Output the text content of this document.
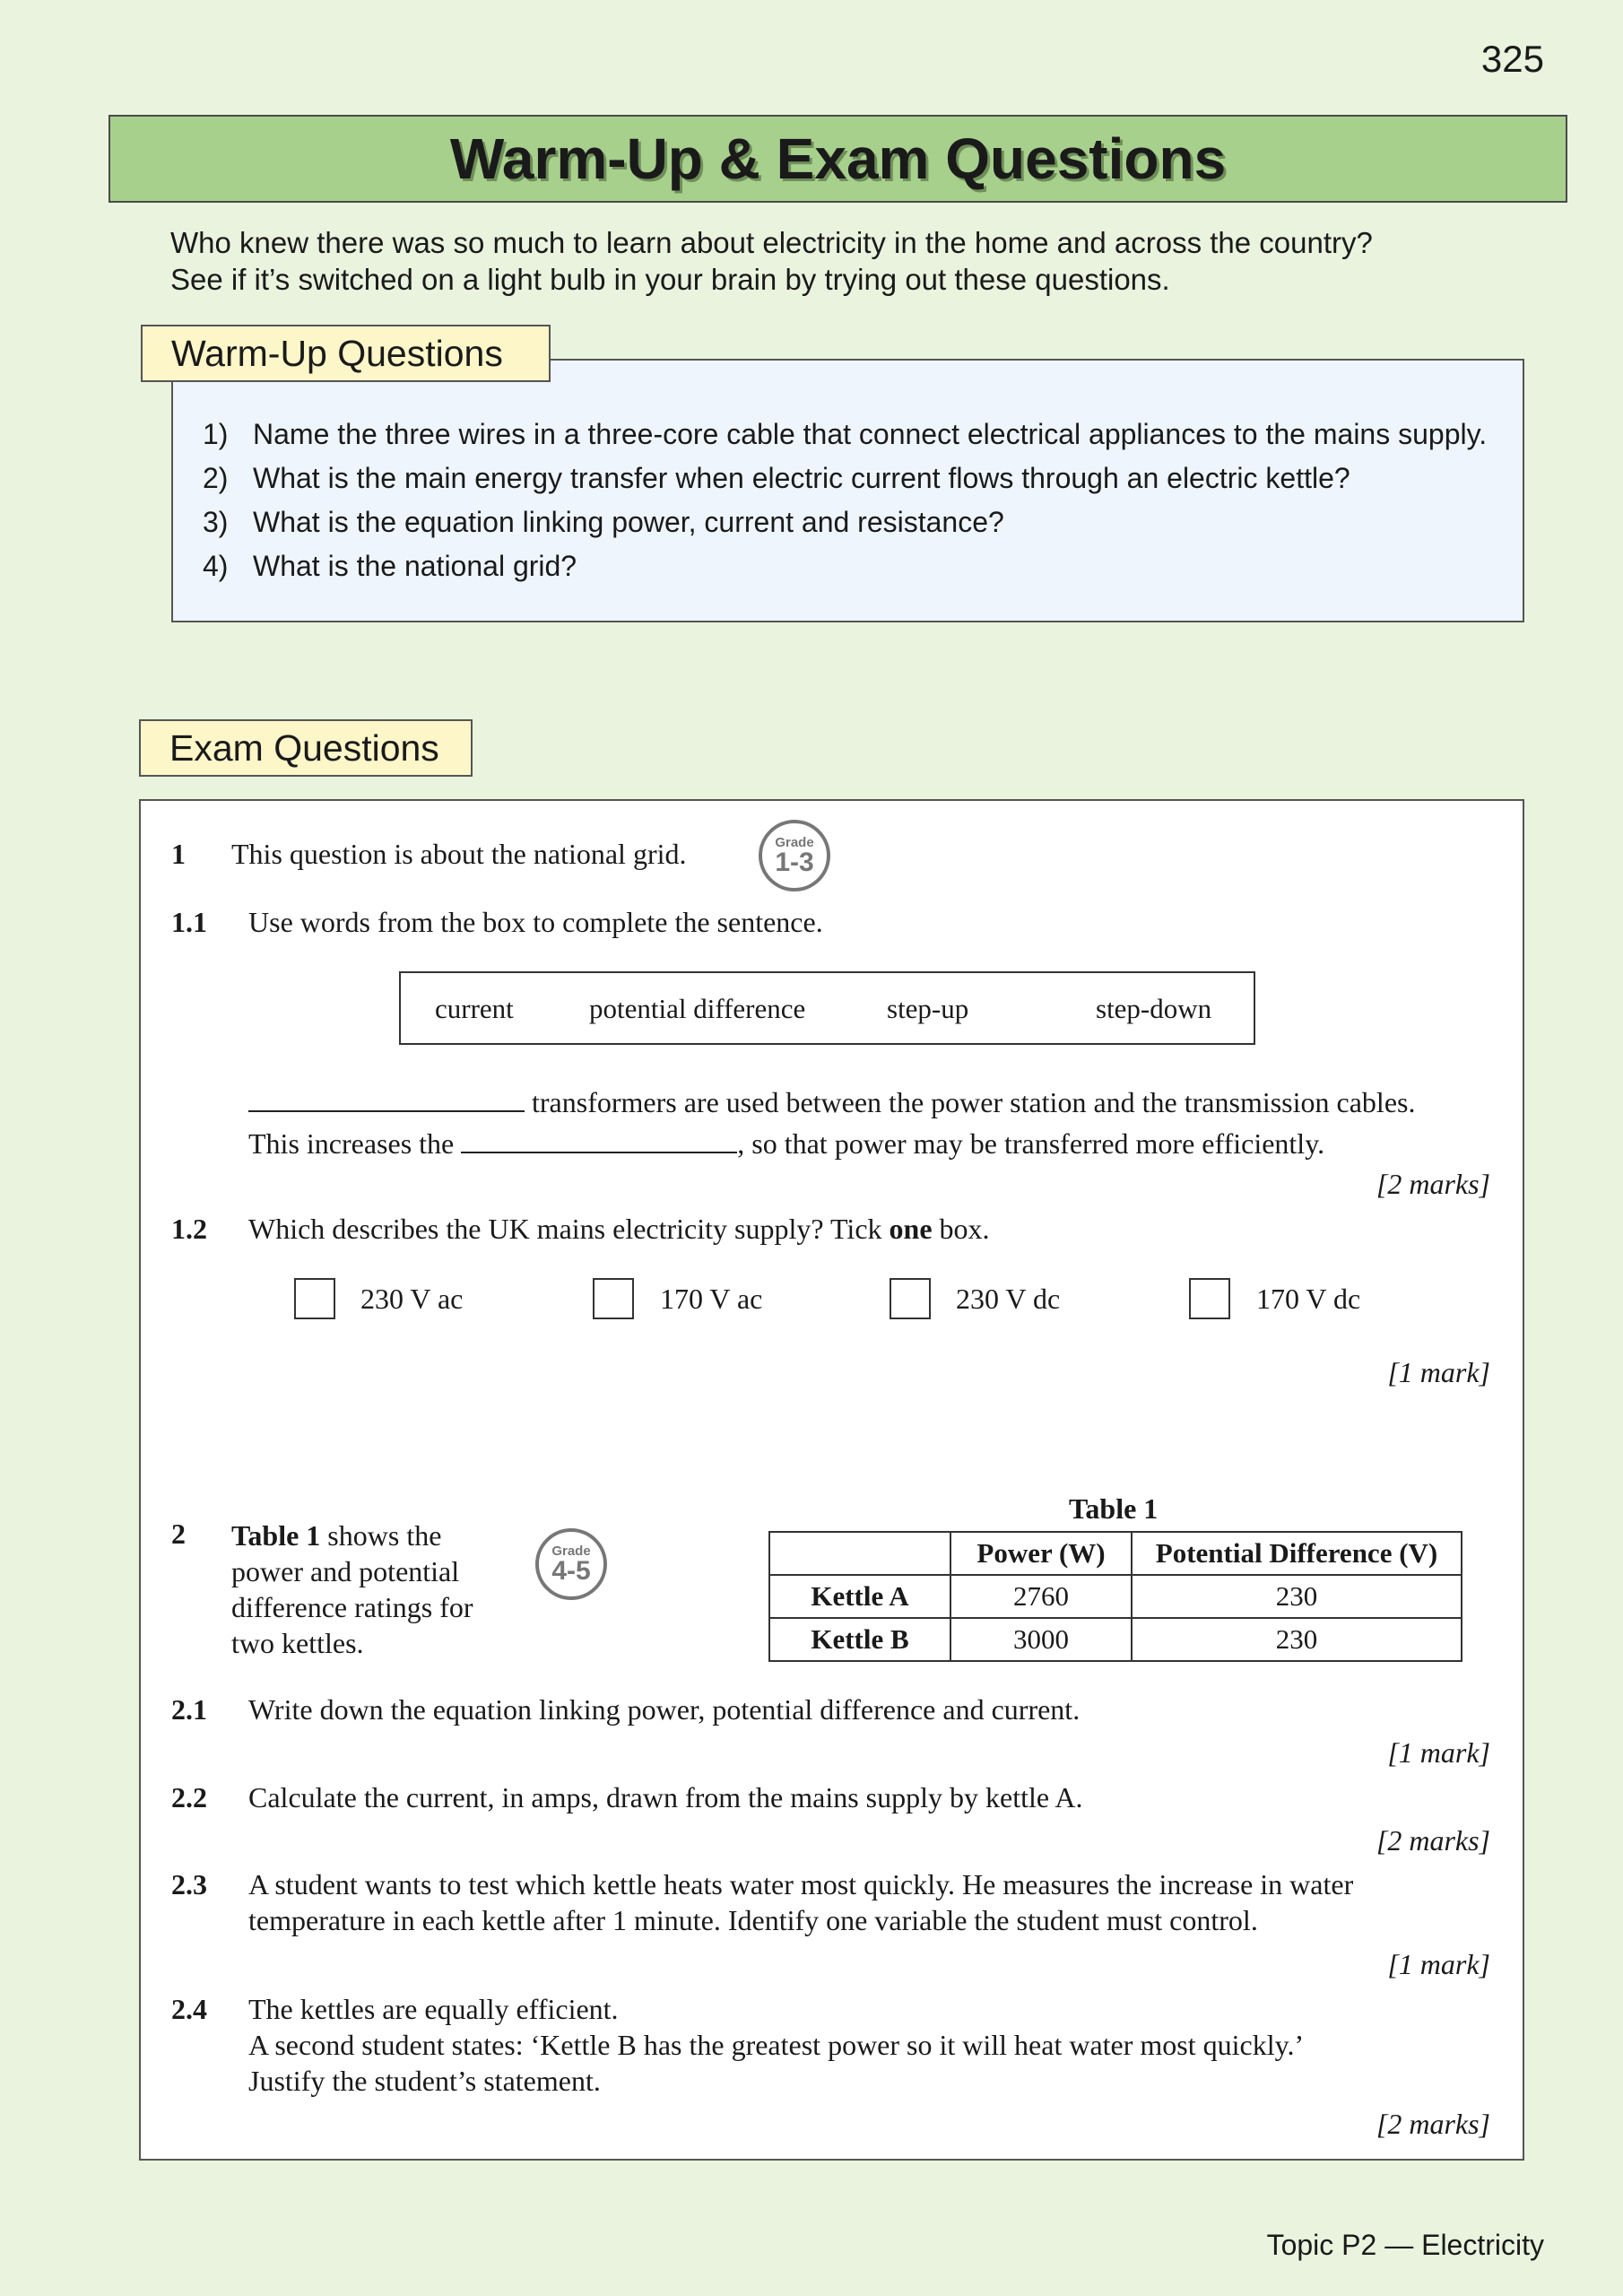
325
Warm-Up & Exam Questions
Who knew there was so much to learn about electricity in the home and across the country?
See if it’s switched on a light bulb in your brain by trying out these questions.
Warm-Up Questions
1) Name the three wires in a three-core cable that connect electrical appliances to the mains supply.
2) What is the main energy transfer when electric current flows through an electric kettle?
3) What is the equation linking power, current and resistance?
4) What is the national grid?
Exam Questions
1 This question is about the national grid.	Grade
1-3
1.1 Use words from the box to complete the sentence.
current	potential difference	step-up	step-down
transformers are used between the power station and the transmission cables.
This increases the	, so that power may be transferred more efficiently.
[2 marks]
1.2 Which describes the UK mains electricity supply? Tick one box.
230 V ac	170 V ac	230 V dc	170 V dc
[1 mark]
2 Table 1 shows the
power and potential
difference ratings for
two kettles.
Grade
4-5
Table 1
	Power (W)	Potential Difference (V)
Kettle A	2760	230
Kettle B	3000	230
2.1 Write down the equation linking power, potential difference and current.
[1 mark]
2.2 Calculate the current, in amps, drawn from the mains supply by kettle A.
[2 marks]
2.3 A student wants to test which kettle heats water most quickly. He measures the increase in water
temperature in each kettle after 1 minute. Identify one variable the student must control.
[1 mark]
2.4 The kettles are equally efficient.
A second student states: ‘Kettle B has the greatest power so it will heat water most quickly.’
Justify the student’s statement.
[2 marks]
Topic P2 — Electricity
